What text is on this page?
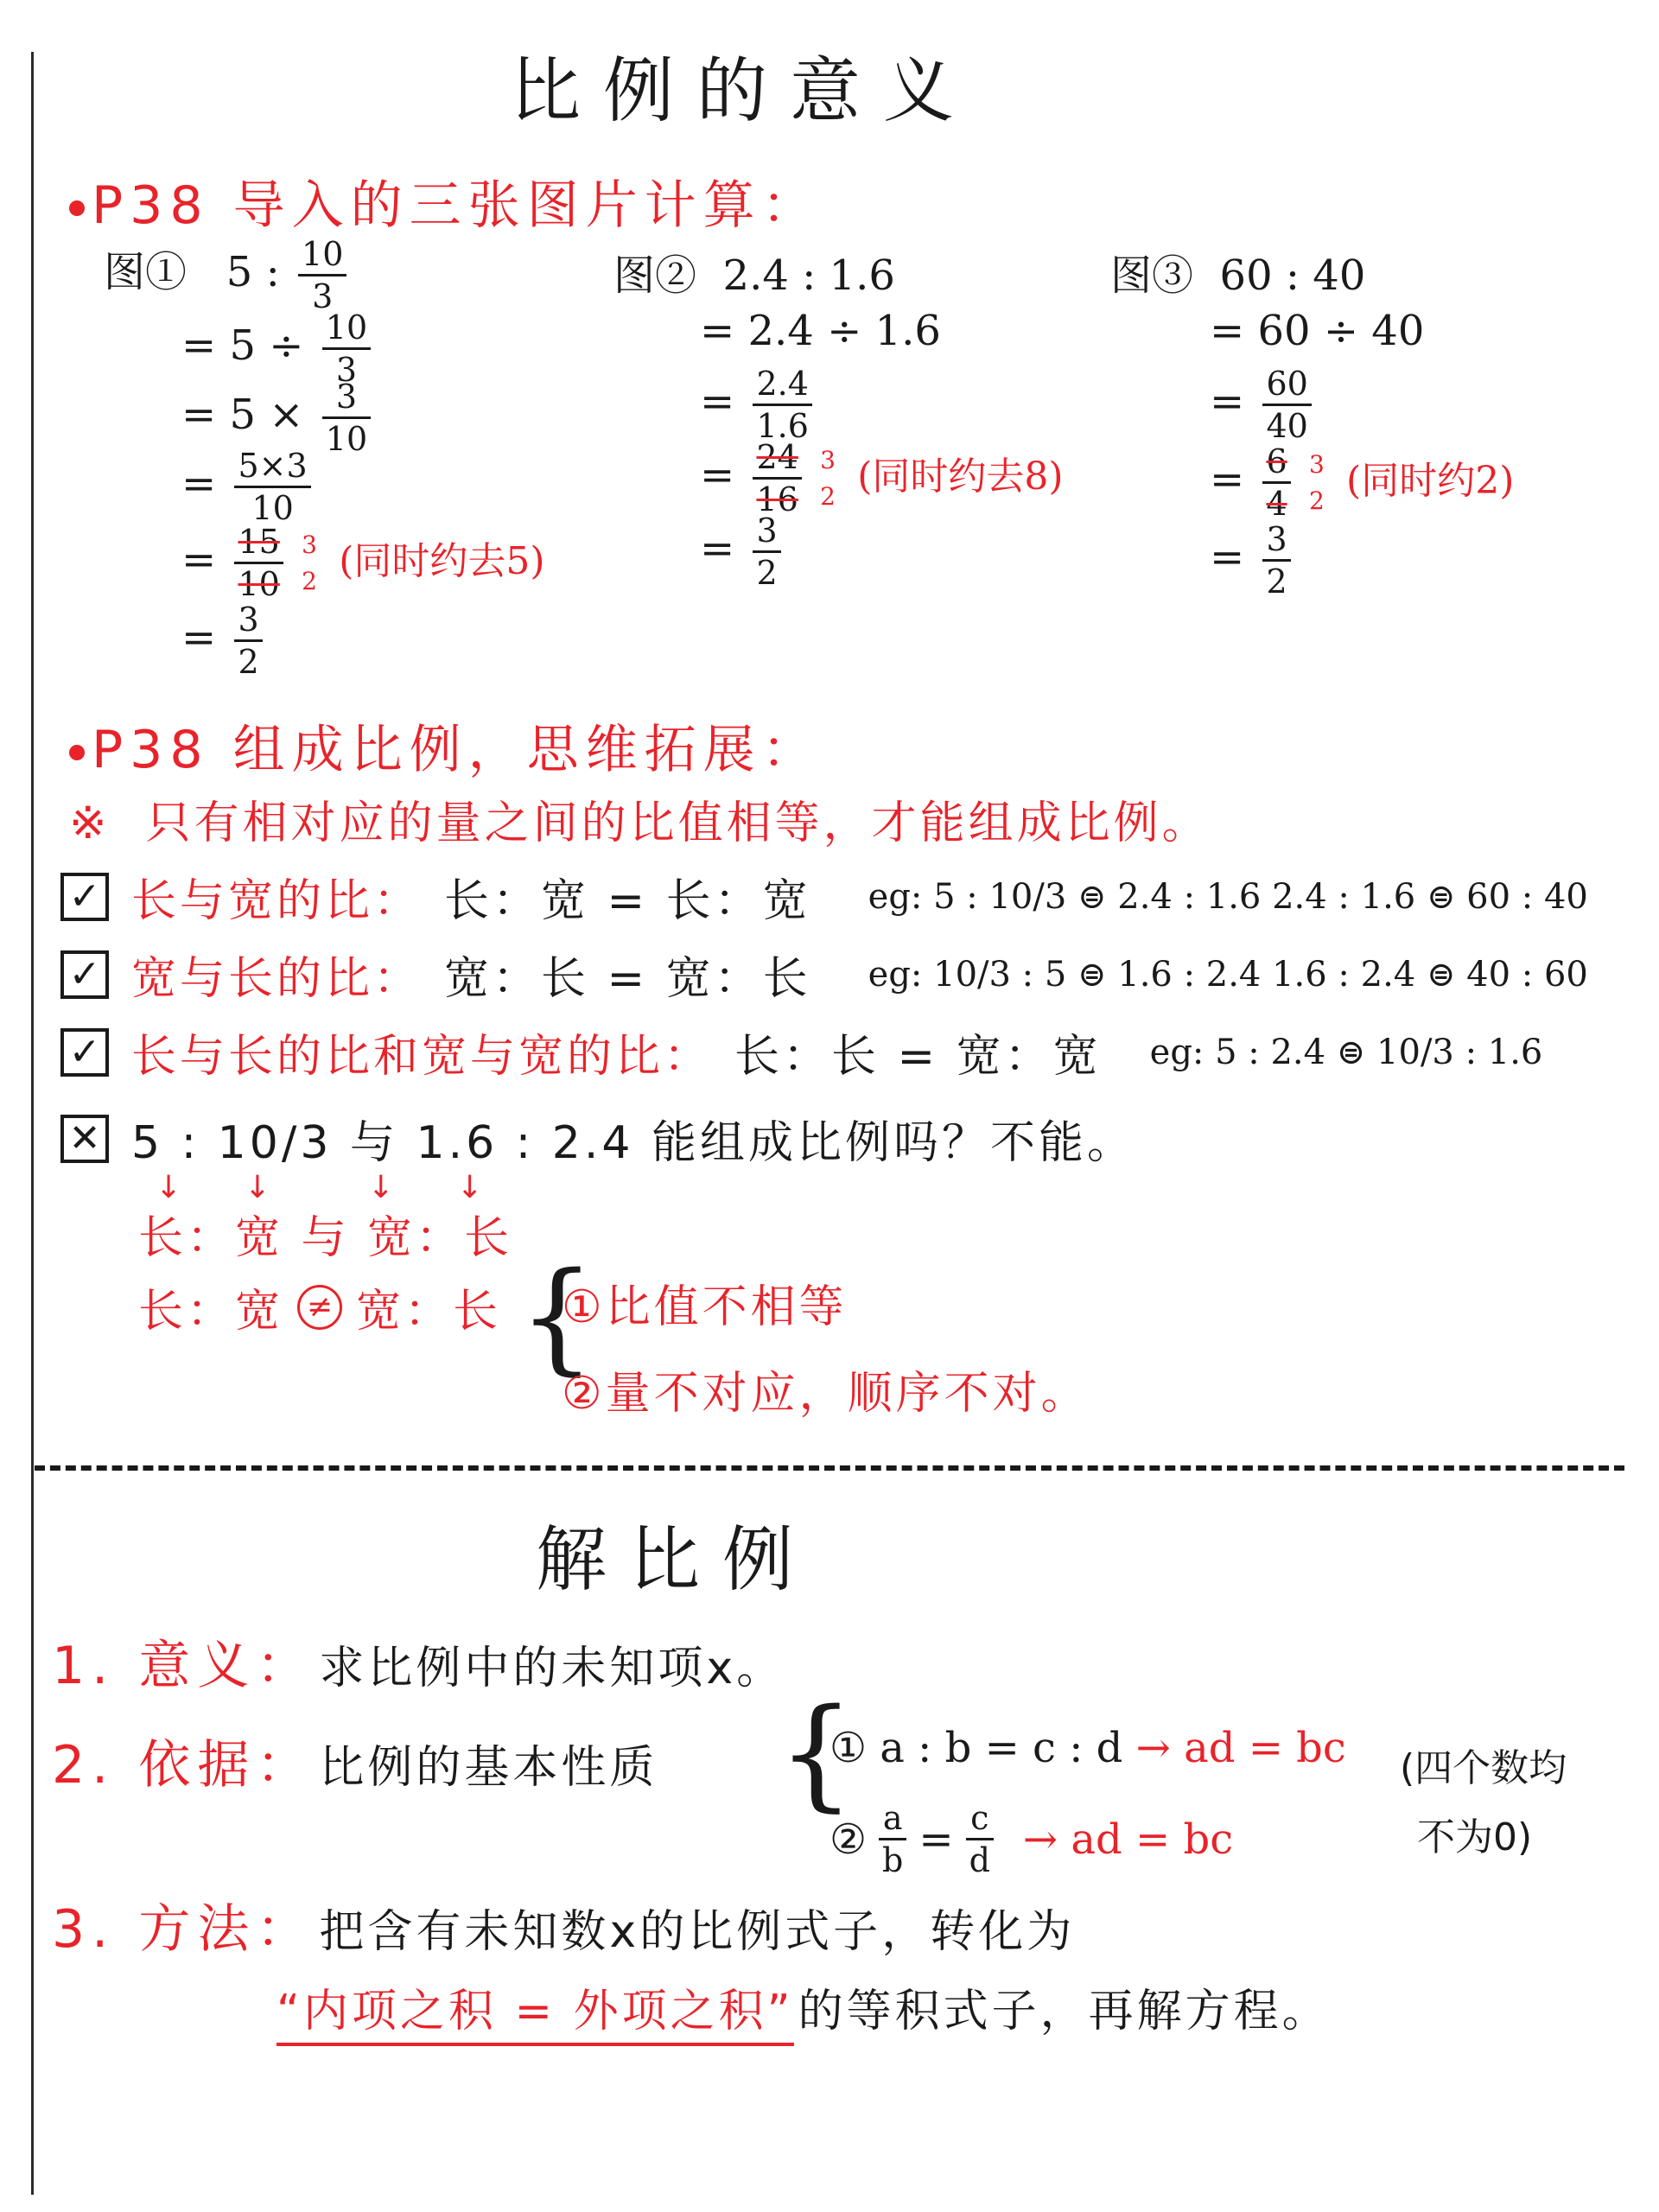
比例的意义
P38 导入的三张图片计算：
图① 5 : $\frac{10}{3}$
= $5 \div \frac{10}{3}$
= $5 \times \frac{3}{10}$
= $\frac{5\times 3}{10}$
= $\frac{15}{10}$
3
2 (同时约去5)
= $\frac{3}{2}$
图② 2.4 : 1.6
= 2.4 ÷ 1.6
= $\frac{2.4}{1.6}$
= $\frac{24}{16}$
3
2 (同时约去8)
= $\frac{3}{2}$
图③ 60 : 40
= 60 ÷ 40
= $\frac{60}{40}$
= $\frac{6}{4}$
3
2 (同时约2)
= $\frac{3}{2}$
P38 组成比例，思维拓展：
※ 只有相对应的量之间的比值相等，才能组成比例。
✓ 长与宽的比： 长：宽 = 长：宽 eg: 5 : 10/3 ⊜ 2.4 : 1.6 2.4 : 1.6 ⊜ 60 : 40
✓ 宽与长的比： 宽：长 = 宽：长 eg: 10/3 : 5 ⊜ 1.6 : 2.4 1.6 : 2.4 ⊜ 40 : 60
✓ 长与长的比和宽与宽的比： 长：长 = 宽：宽 eg: 5 : 2.4 ⊜ 10/3 : 1.6
✕ 5 : 10/3 与 1.6 : 2.4 能组成比例吗？不能。
↓ ↓	↓ ↓
长：宽 与 宽：长
长：宽 ≠ 宽：长 {
①比值不相等
②量不对应，顺序不对。
解比例
1. 意义： 求比例中的未知项x。
2. 依据： 比例的基本性质 {
① a : b = c : d → ad = bc
② $\frac{a}{b} = \frac{c}{d}$ → ad = bc
(四个数均
不为0)
3. 方法： 把含有未知数x的比例式子，转化为
“内项之积 = 外项之积” 的等积式子，再解方程。
